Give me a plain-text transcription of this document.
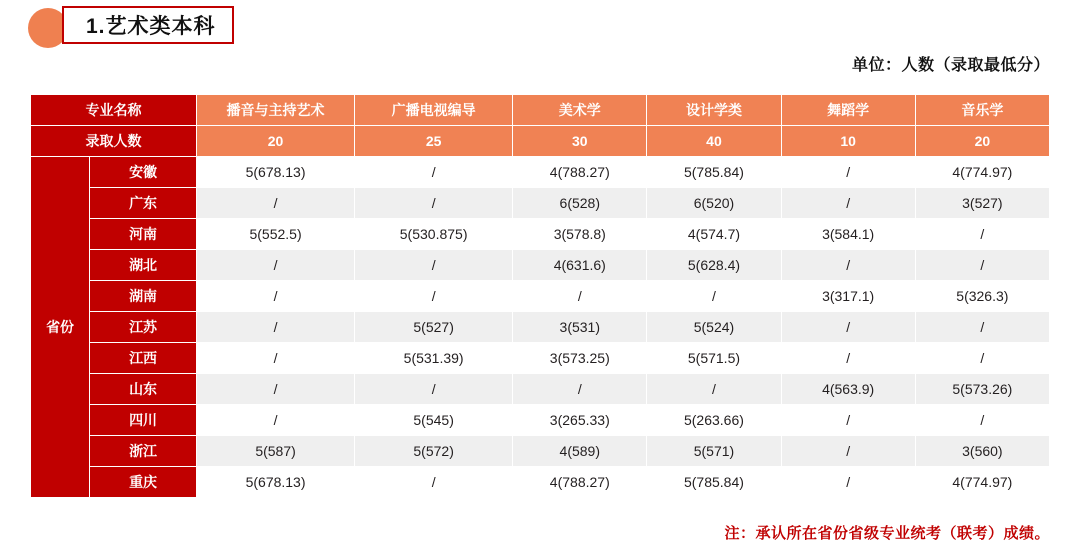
1.艺术类本科
单位：人数（录取最低分）
专业名称		播音与主持艺术	广播电视编导	美术学	设计学类	舞蹈学	音乐学
录取人数		20	25	30	40	10	20
省份	安徽	5(678.13)	/	4(788.27)	5(785.84)	/	4(774.97)
	广东	/	/	6(528)	6(520)	/	3(527)
	河南	5(552.5)	5(530.875)	3(578.8)	4(574.7)	3(584.1)	/
	湖北	/	/	4(631.6)	5(628.4)	/	/
	湖南	/	/	/	/	3(317.1)	5(326.3)
	江苏	/	5(527)	3(531)	5(524)	/	/
	江西	/	5(531.39)	3(573.25)	5(571.5)	/	/
	山东	/	/	/	/	4(563.9)	5(573.26)
	四川	/	5(545)	3(265.33)	5(263.66)	/	/
	浙江	5(587)	5(572)	4(589)	5(571)	/	3(560)
	重庆	5(678.13)	/	4(788.27)	5(785.84)	/	4(774.97)
注：承认所在省份省级专业统考（联考）成绩。
